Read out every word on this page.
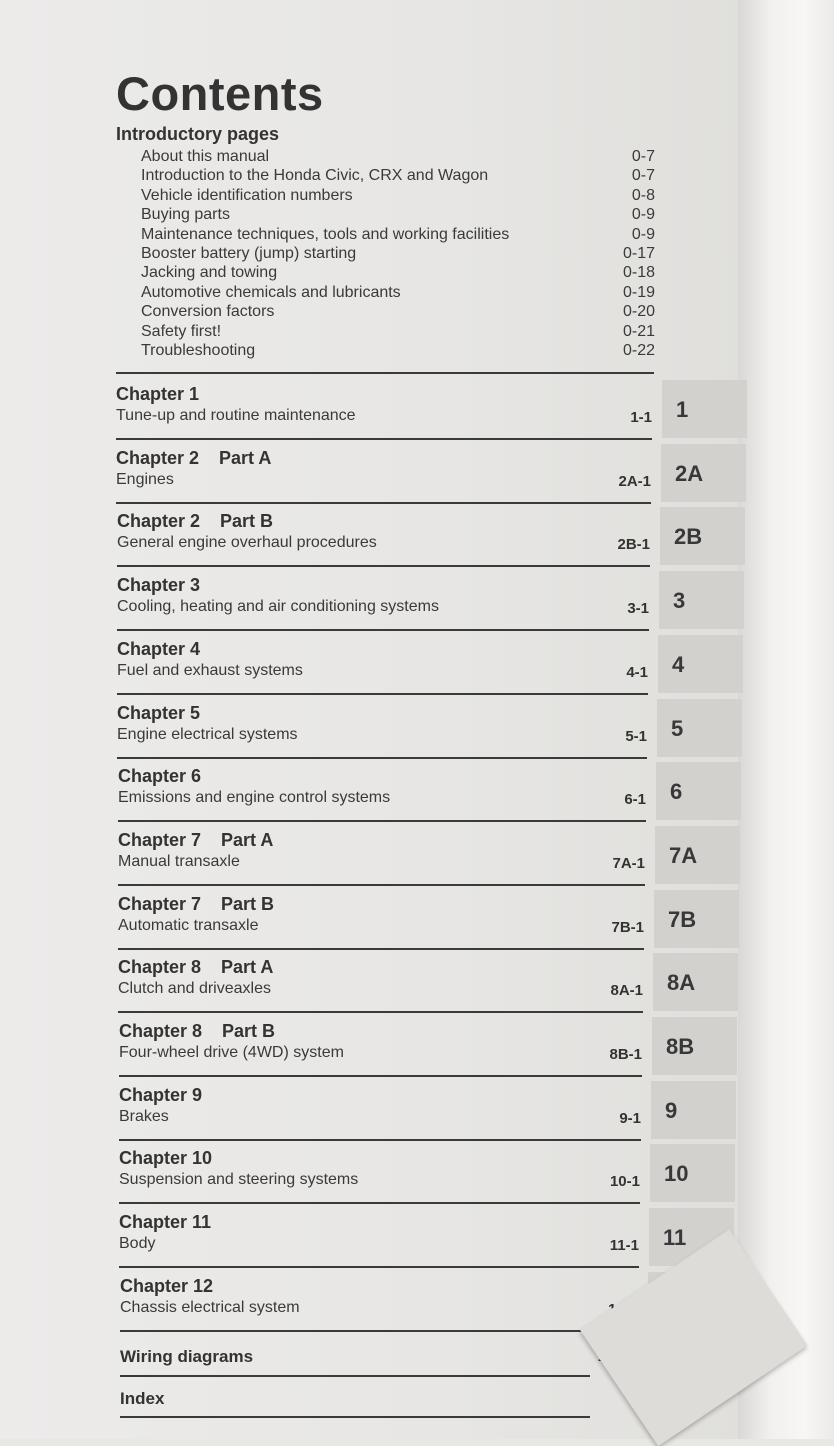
Contents
Introductory pages
About this manual	0-7
Introduction to the Honda Civic, CRX and Wagon	0-7
Vehicle identification numbers	0-8
Buying parts	0-9
Maintenance techniques, tools and working facilities	0-9
Booster battery (jump) starting	0-17
Jacking and towing	0-18
Automotive chemicals and lubricants	0-19
Conversion factors	0-20
Safety first!	0-21
Troubleshooting	0-22
Chapter 1
Tune-up and routine maintenance	1-1 1
Chapter 2 Part A
Engines	2A-1 2A
Chapter 2 Part B
General engine overhaul procedures	2B-1 2B
Chapter 3
Cooling, heating and air conditioning systems	3-1 3
Chapter 4
Fuel and exhaust systems	4-1 4
Chapter 5
Engine electrical systems	5-1 5
Chapter 6
Emissions and engine control systems	6-1 6
Chapter 7 Part A
Manual transaxle	7A-1 7A
Chapter 7 Part B
Automatic transaxle	7B-1 7B
Chapter 8 Part A
Clutch and driveaxles	8A-1 8A
Chapter 8 Part B
Four-wheel drive (4WD) system	8B-1 8B
Chapter 9
Brakes	9-1 9
Chapter 10
Suspension and steering systems	10-1 10
Chapter 11
Body	11-1 11
Chapter 12
Chassis electrical system
Wiring diagrams
Index
